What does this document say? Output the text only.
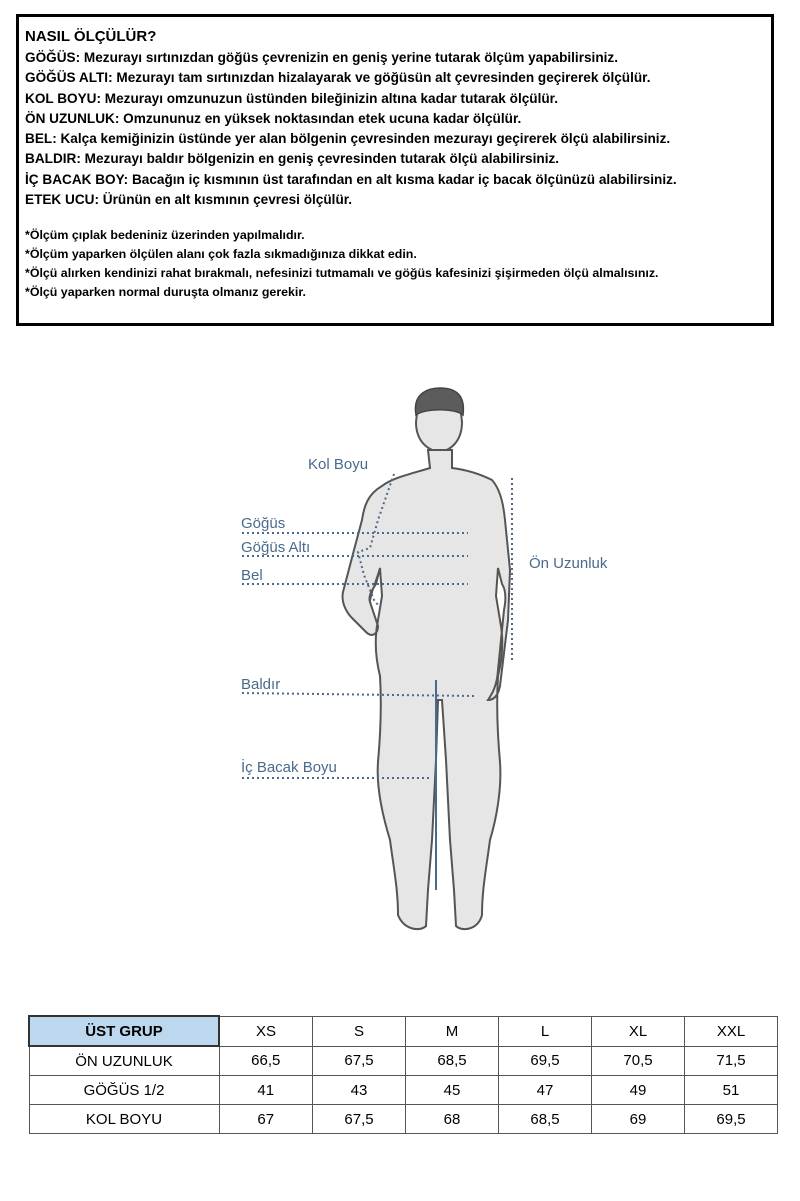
NASIL ÖLÇÜLÜR?
GÖĞÜS: Mezurayı sırtınızdan göğüs çevrenizin en geniş yerine tutarak ölçüm yapabilirsiniz.
GÖĞÜS ALTI: Mezurayı tam sırtınızdan hizalayarak ve göğüsün alt çevresinden geçirerek ölçülür.
KOL BOYU: Mezurayı omzunuzun üstünden bileğinizin altına kadar tutarak ölçülür.
ÖN UZUNLUK: Omzununuz en yüksek noktasından etek ucuna kadar ölçülür.
BEL: Kalça kemiğinizin üstünde yer alan bölgenin çevresinden mezurayı geçirerek ölçü alabilirsiniz.
BALDIR: Mezurayı baldır bölgenizin en geniş çevresinden tutarak ölçü alabilirsiniz.
İÇ BACAK BOY: Bacağın iç kısmının üst tarafından en alt kısma kadar iç bacak ölçünüzü alabilirsiniz.
ETEK UCU: Ürünün en alt kısmının çevresi ölçülür.
*Ölçüm çıplak bedeniniz üzerinden yapılmalıdır.
*Ölçüm yaparken ölçülen alanı çok fazla sıkmadığınıza dikkat edin.
*Ölçü alırken kendinizi rahat bırakmalı, nefesinizi tutmamalı ve göğüs kafesinizi şişirmeden ölçü almalısınız.
*Ölçü yaparken normal duruşta olmanız gerekir.
Kol Boyu
Göğüs
Göğüs Altı
Bel
Ön Uzunluk
Baldır
İç Bacak Boyu
ÜST GRUP	XS	S	M	L	XL	XXL
ÖN UZUNLUK	66,5	67,5	68,5	69,5	70,5	71,5
GÖĞÜS 1/2	41	43	45	47	49	51
KOL BOYU	67	67,5	68	68,5	69	69,5
